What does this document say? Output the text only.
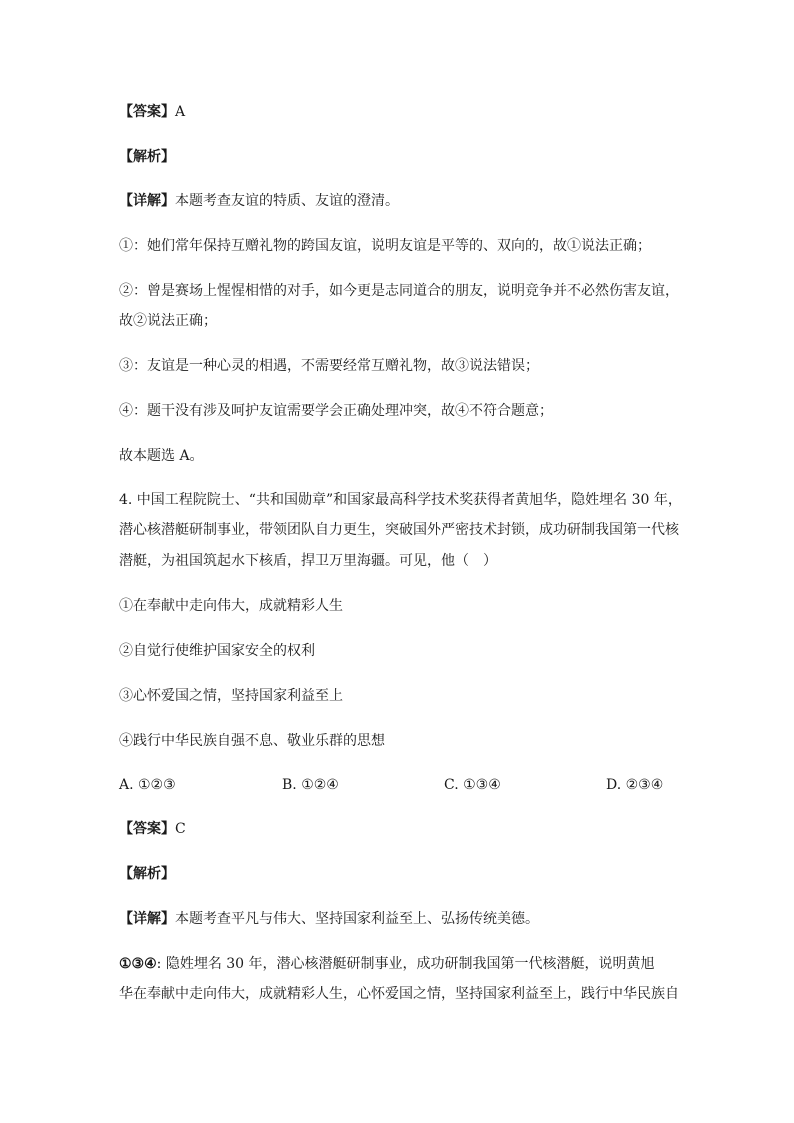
【答案】A

【解析】

【详解】本题考查友谊的特质、友谊的澄清。

①：她们常年保持互赠礼物的跨国友谊，说明友谊是平等的、双向的，故①说法正确；

②：曾是赛场上惺惺相惜的对手，如今更是志同道合的朋友，说明竞争并不必然伤害友谊，

故②说法正确；

③：友谊是一种心灵的相遇，不需要经常互赠礼物，故③说法错误；

④：题干没有涉及呵护友谊需要学会正确处理冲突，故④不符合题意；

故本题选 A。

4. 中国工程院院士、“共和国勋章”和国家最高科学技术奖获得者黄旭华，隐姓埋名 30 年，

潜心核潜艇研制事业，带领团队自力更生，突破国外严密技术封锁，成功研制我国第一代核

潜艇，为祖国筑起水下核盾，捍卫万里海疆。可见，他（　）

①在奉献中走向伟大，成就精彩人生

②自觉行使维护国家安全的权利

③心怀爱国之情，坚持国家利益至上

④践行中华民族自强不息、敬业乐群的思想

A. ①②③	B. ①②④	C. ①③④	D. ②③④

【答案】C

【解析】

【详解】本题考查平凡与伟大、坚持国家利益至上、弘扬传统美德。

①③④: 隐姓埋名 30 年，潜心核潜艇研制事业，成功研制我国第一代核潜艇，说明黄旭

华在奉献中走向伟大，成就精彩人生，心怀爱国之情，坚持国家利益至上，践行中华民族自
